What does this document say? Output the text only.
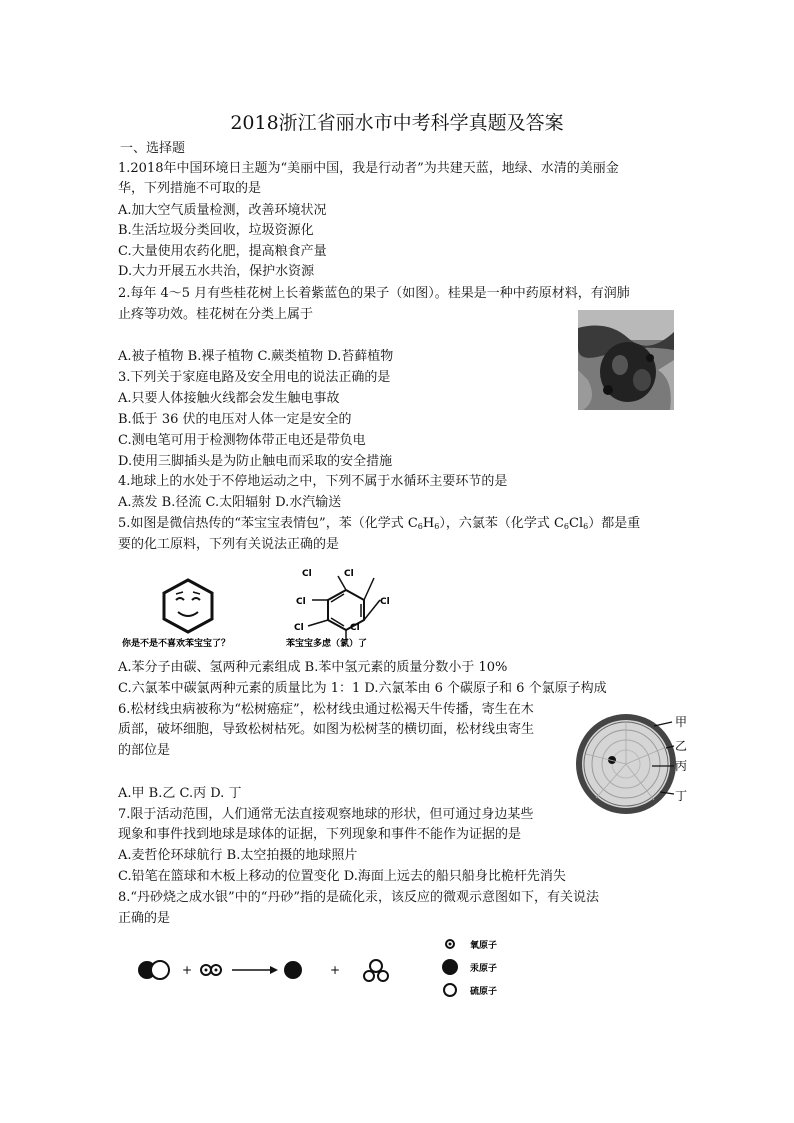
2018浙江省丽水市中考科学真题及答案
一、选择题
1.2018年中国环境日主题为“美丽中国，我是行动者”为共建天蓝，地绿、水清的美丽金
华，下列措施不可取的是
A.加大空气质量检测，改善环境状况
B.生活垃圾分类回收，垃圾资源化
C.大量使用农药化肥，提高粮食产量
D.大力开展五水共治，保护水资源
2.每年 4～5 月有些桂花树上长着紫蓝色的果子（如图）。桂果是一种中药原材料，有润肺
止疼等功效。桂花树在分类上属于
A.被子植物 B.裸子植物 C.蕨类植物 D.苔藓植物
3.下列关于家庭电路及安全用电的说法正确的是
A.只要人体接触火线都会发生触电事故
B.低于 36 伏的电压对人体一定是安全的
C.测电笔可用于检测物体带正电还是带负电
D.使用三脚插头是为防止触电而采取的安全措施
4.地球上的水处于不停地运动之中，下列不属于水循环主要环节的是
A.蒸发 B.径流 C.太阳辐射 D.水汽输送
5.如图是微信热传的“苯宝宝表情包”，苯（化学式 $C_6H_6$），六氯苯（化学式 $C_6Cl_6$）都是重
要的化工原料，下列有关说法正确的是
Cl	Cl
Cl	Cl
Cl	Cl
你是不是不喜欢苯宝宝了？	苯宝宝多虑（氯）了
A.苯分子由碳、氢两种元素组成 B.苯中氢元素的质量分数小于 10%
C.六氯苯中碳氯两种元素的质量比为 1：1 D.六氯苯由 6 个碳原子和 6 个氯原子构成
6.松材线虫病被称为“松树癌症”，松材线虫通过松褐天牛传播，寄生在木
质部，破坏细胞，导致松树枯死。如图为松树茎的横切面，松材线虫寄生
的部位是
A.甲 B.乙 C.丙 D. 丁
甲
乙
丙
丁
7.限于活动范围，人们通常无法直接观察地球的形状，但可通过身边某些
现象和事件找到地球是球体的证据，下列现象和事件不能作为证据的是
A.麦哲伦环球航行 B.太空拍摄的地球照片
C.铅笔在篮球和木板上移动的位置变化 D.海面上远去的船只船身比桅杆先消失
8.“丹砂烧之成水银”中的“丹砂”指的是硫化汞，该反应的微观示意图如下，有关说法
正确的是
+	+
氧原子
汞原子
硫原子
